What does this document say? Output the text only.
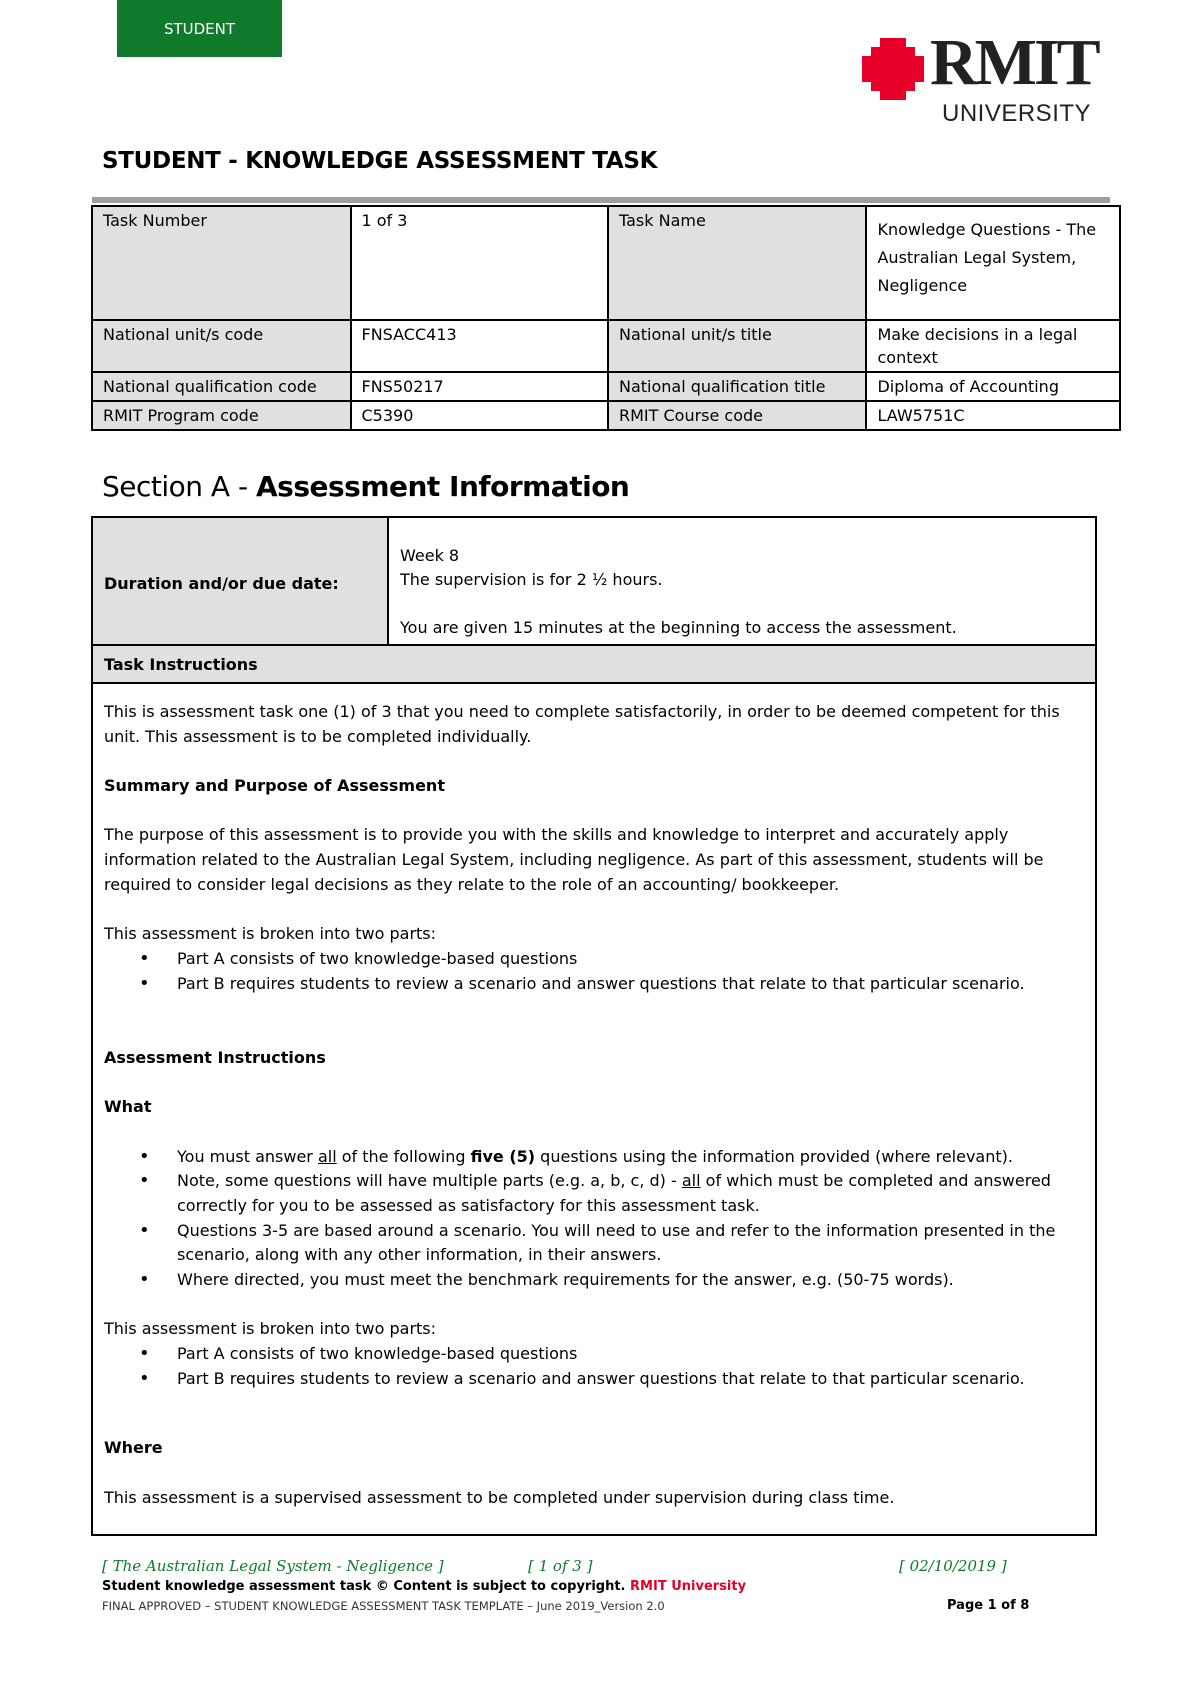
STUDENT	RMIT
UNIVERSITY
STUDENT - KNOWLEDGE ASSESSMENT TASK
Task Number	1 of 3	Task Name	Knowledge Questions - The Australian Legal System, Negligence
National unit/s code	FNSACC413	National unit/s title	Make decisions in a legal context
National qualification code	FNS50217	National qualification title	Diploma of Accounting
RMIT Program code	C5390	RMIT Course code	LAW5751C
Section A - Assessment Information
Duration and/or due date:
Week 8
The supervision is for 2 ½ hours.
You are given 15 minutes at the beginning to access the assessment.
Task Instructions

This is assessment task one (1) of 3 that you need to complete satisfactorily, in order to be deemed competent for this unit. This assessment is to be completed individually.

Summary and Purpose of Assessment

The purpose of this assessment is to provide you with the skills and knowledge to interpret and accurately apply information related to the Australian Legal System, including negligence. As part of this assessment, students will be required to consider legal decisions as they relate to the role of an accounting/ bookkeeper.

This assessment is broken into two parts:

• Part A consists of two knowledge-based questions
• Part B requires students to review a scenario and answer questions that relate to that particular scenario.

Assessment Instructions

What

• You must answer all of the following five (5) questions using the information provided (where relevant).
• Note, some questions will have multiple parts (e.g. a, b, c, d) - all of which must be completed and answered correctly for you to be assessed as satisfactory for this assessment task.
• Questions 3-5 are based around a scenario. You will need to use and refer to the information presented in the scenario, along with any other information, in their answers.
• Where directed, you must meet the benchmark requirements for the answer, e.g. (50-75 words).

This assessment is broken into two parts:

• Part A consists of two knowledge-based questions
• Part B requires students to review a scenario and answer questions that relate to that particular scenario.

Where

This assessment is a supervised assessment to be completed under supervision during class time.

[ The Australian Legal System - Negligence ]	[ 1 of 3 ]	[ 02/10/2019 ]
Student knowledge assessment task © Content is subject to copyright. RMIT University
FINAL APPROVED – STUDENT KNOWLEDGE ASSESSMENT TASK TEMPLATE – June 2019_Version 2.0	Page 1 of 8
